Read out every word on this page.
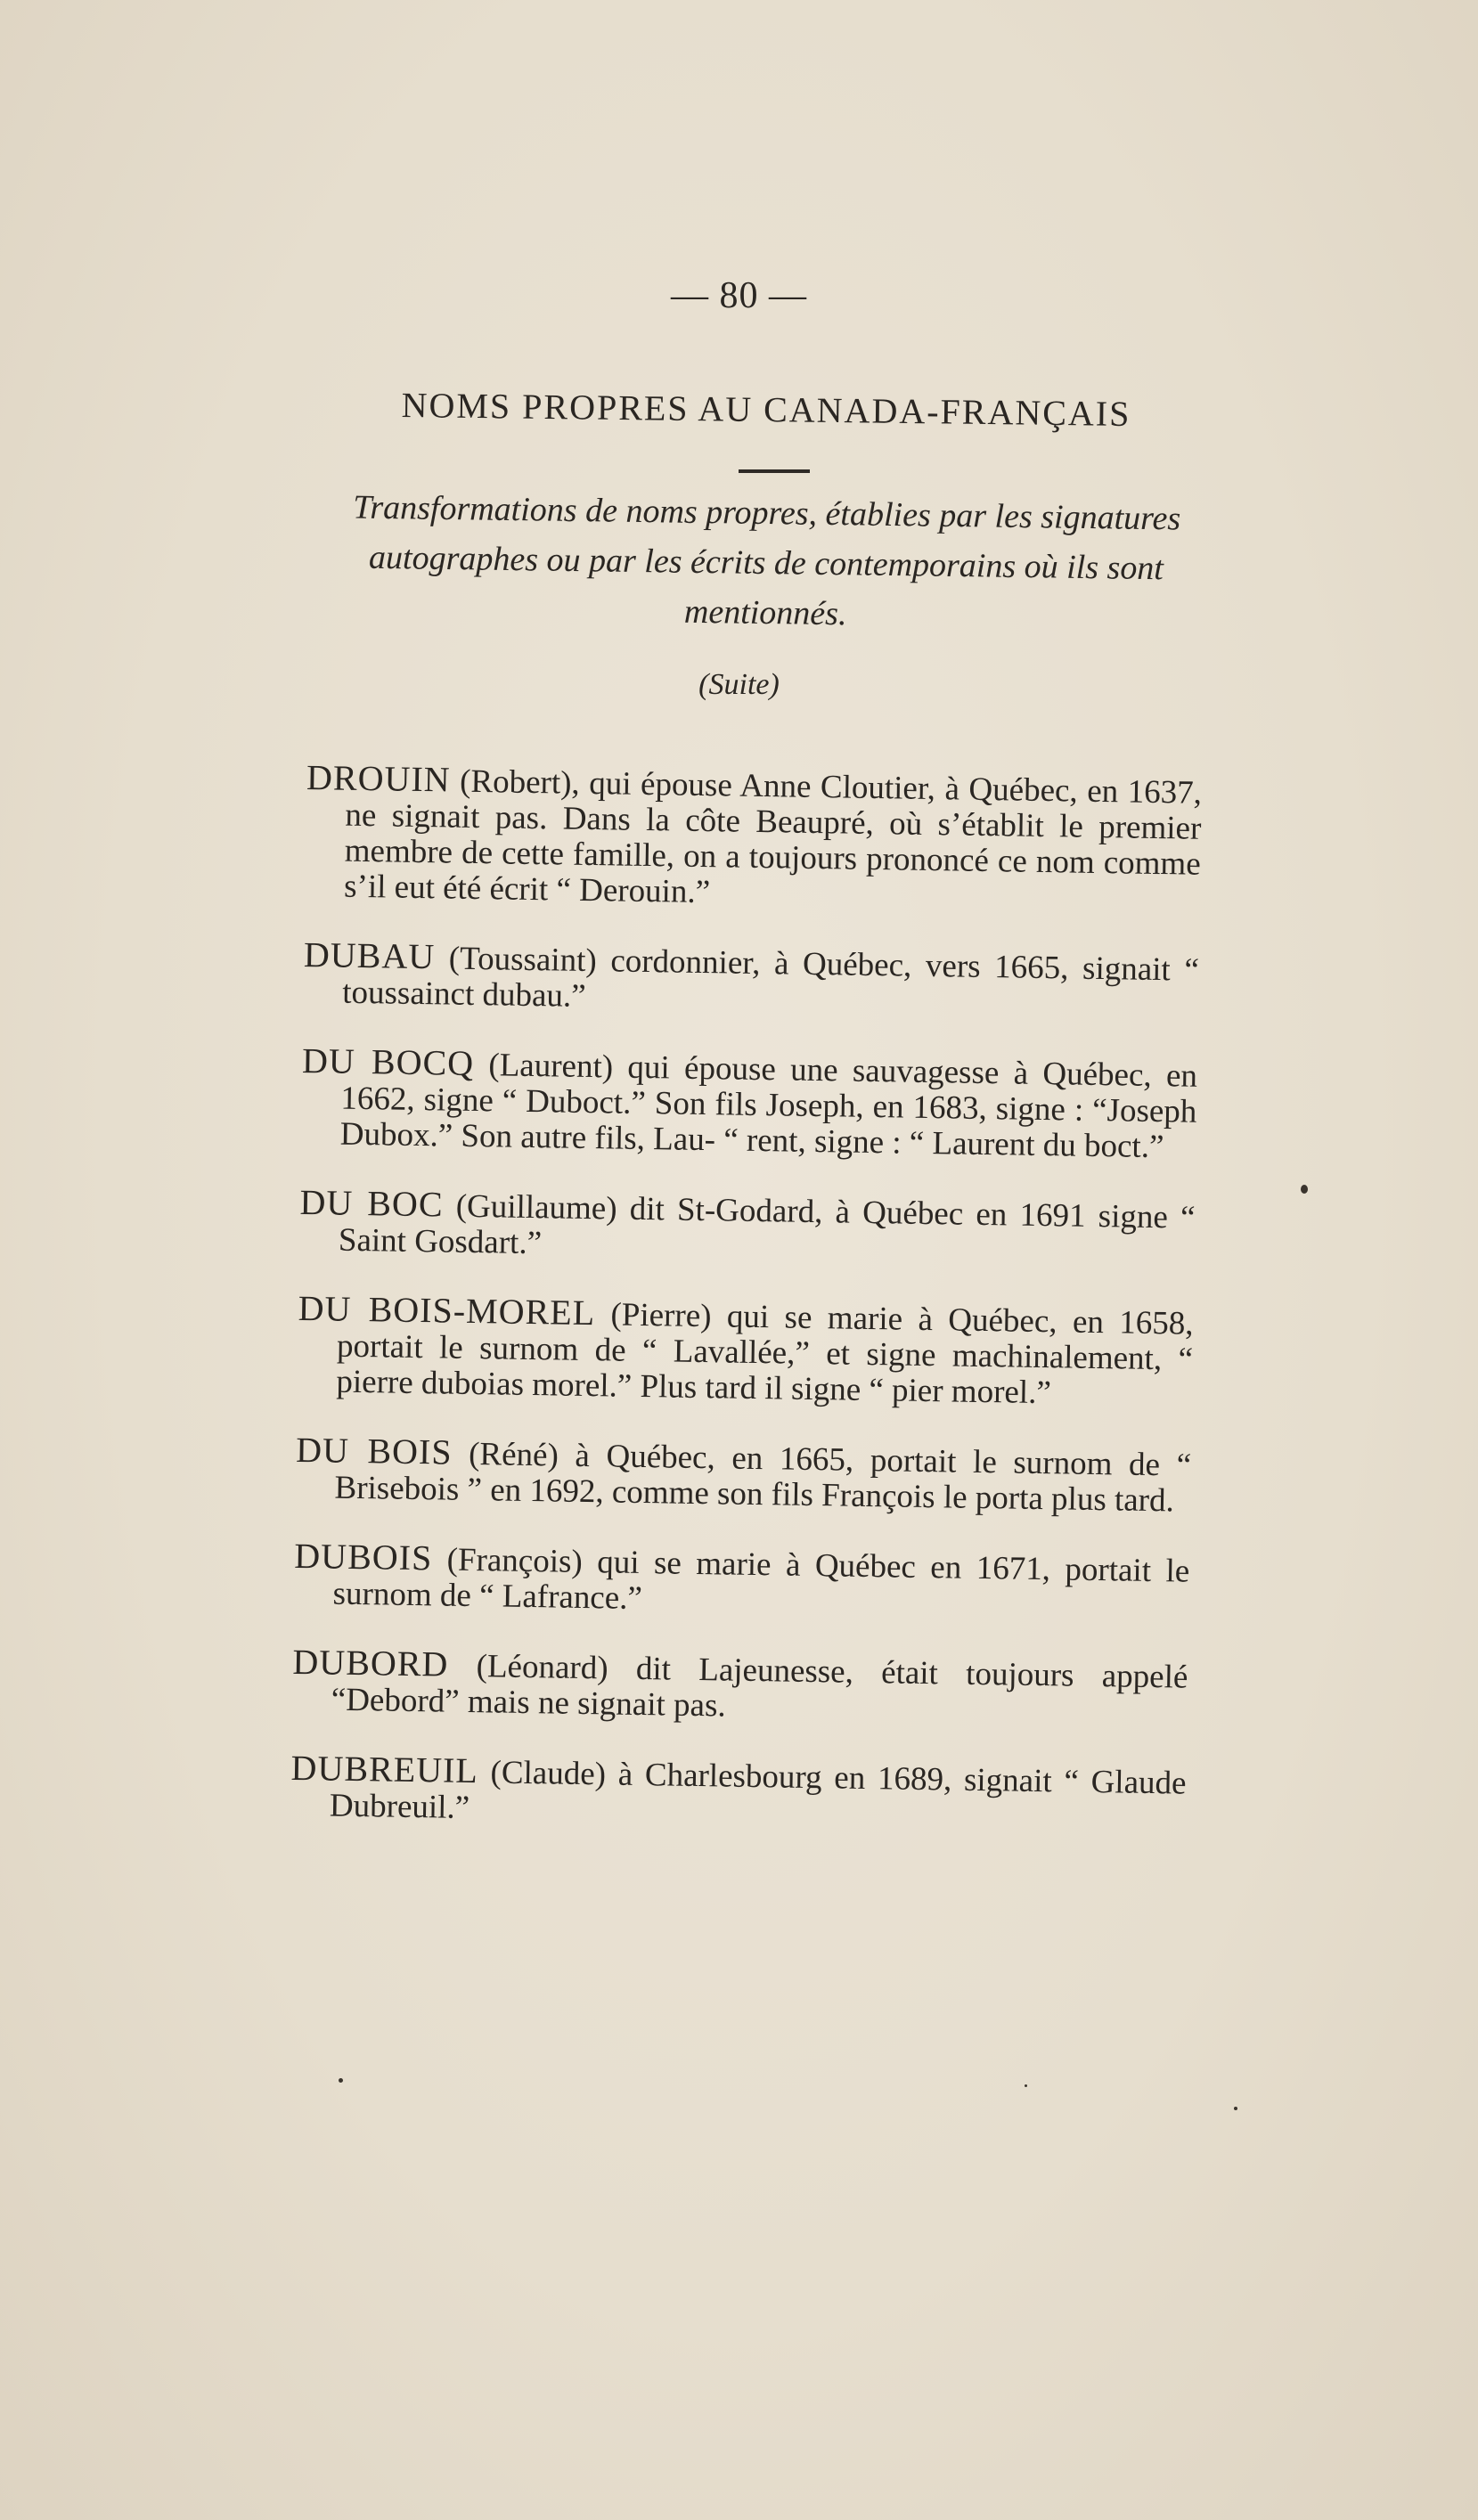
— 80 —
NOMS PROPRES AU CANADA-FRANÇAIS
Transformations de noms propres, établies par les signatures autographes ou par les écrits de contemporains où ils sont mentionnés.
(Suite)

DROUIN (Robert), qui épouse Anne Cloutier, à Québec, en 1637, ne signait pas. Dans la côte Beaupré, où s’établit le premier membre de cette famille, on a toujours prononcé ce nom comme s’il eut été écrit “ Derouin.”

DUBAU (Toussaint) cordonnier, à Québec, vers 1665, signait “ toussainct dubau.”

DU BOCQ (Laurent) qui épouse une sauvagesse à Québec, en 1662, signe “ Duboct.” Son fils Joseph, en 1683, signe : “Joseph Dubox.” Son autre fils, Lau- “ rent, signe : “ Laurent du boct.”

DU BOC (Guillaume) dit St-Godard, à Québec en 1691 signe “ Saint Gosdart.”

DU BOIS-MOREL (Pierre) qui se marie à Québec, en 1658, portait le surnom de “ Lavallée,” et signe machinalement, “ pierre duboias morel.” Plus tard il signe “ pier morel.”

DU BOIS (Réné) à Québec, en 1665, portait le surnom de “ Brisebois ” en 1692, comme son fils François le porta plus tard.

DUBOIS (François) qui se marie à Québec en 1671, portait le surnom de “ Lafrance.”

DUBORD (Léonard) dit Lajeunesse, était toujours appelé “Debord” mais ne signait pas.

DUBREUIL (Claude) à Charlesbourg en 1689, signait “ Glaude Dubreuil.”
